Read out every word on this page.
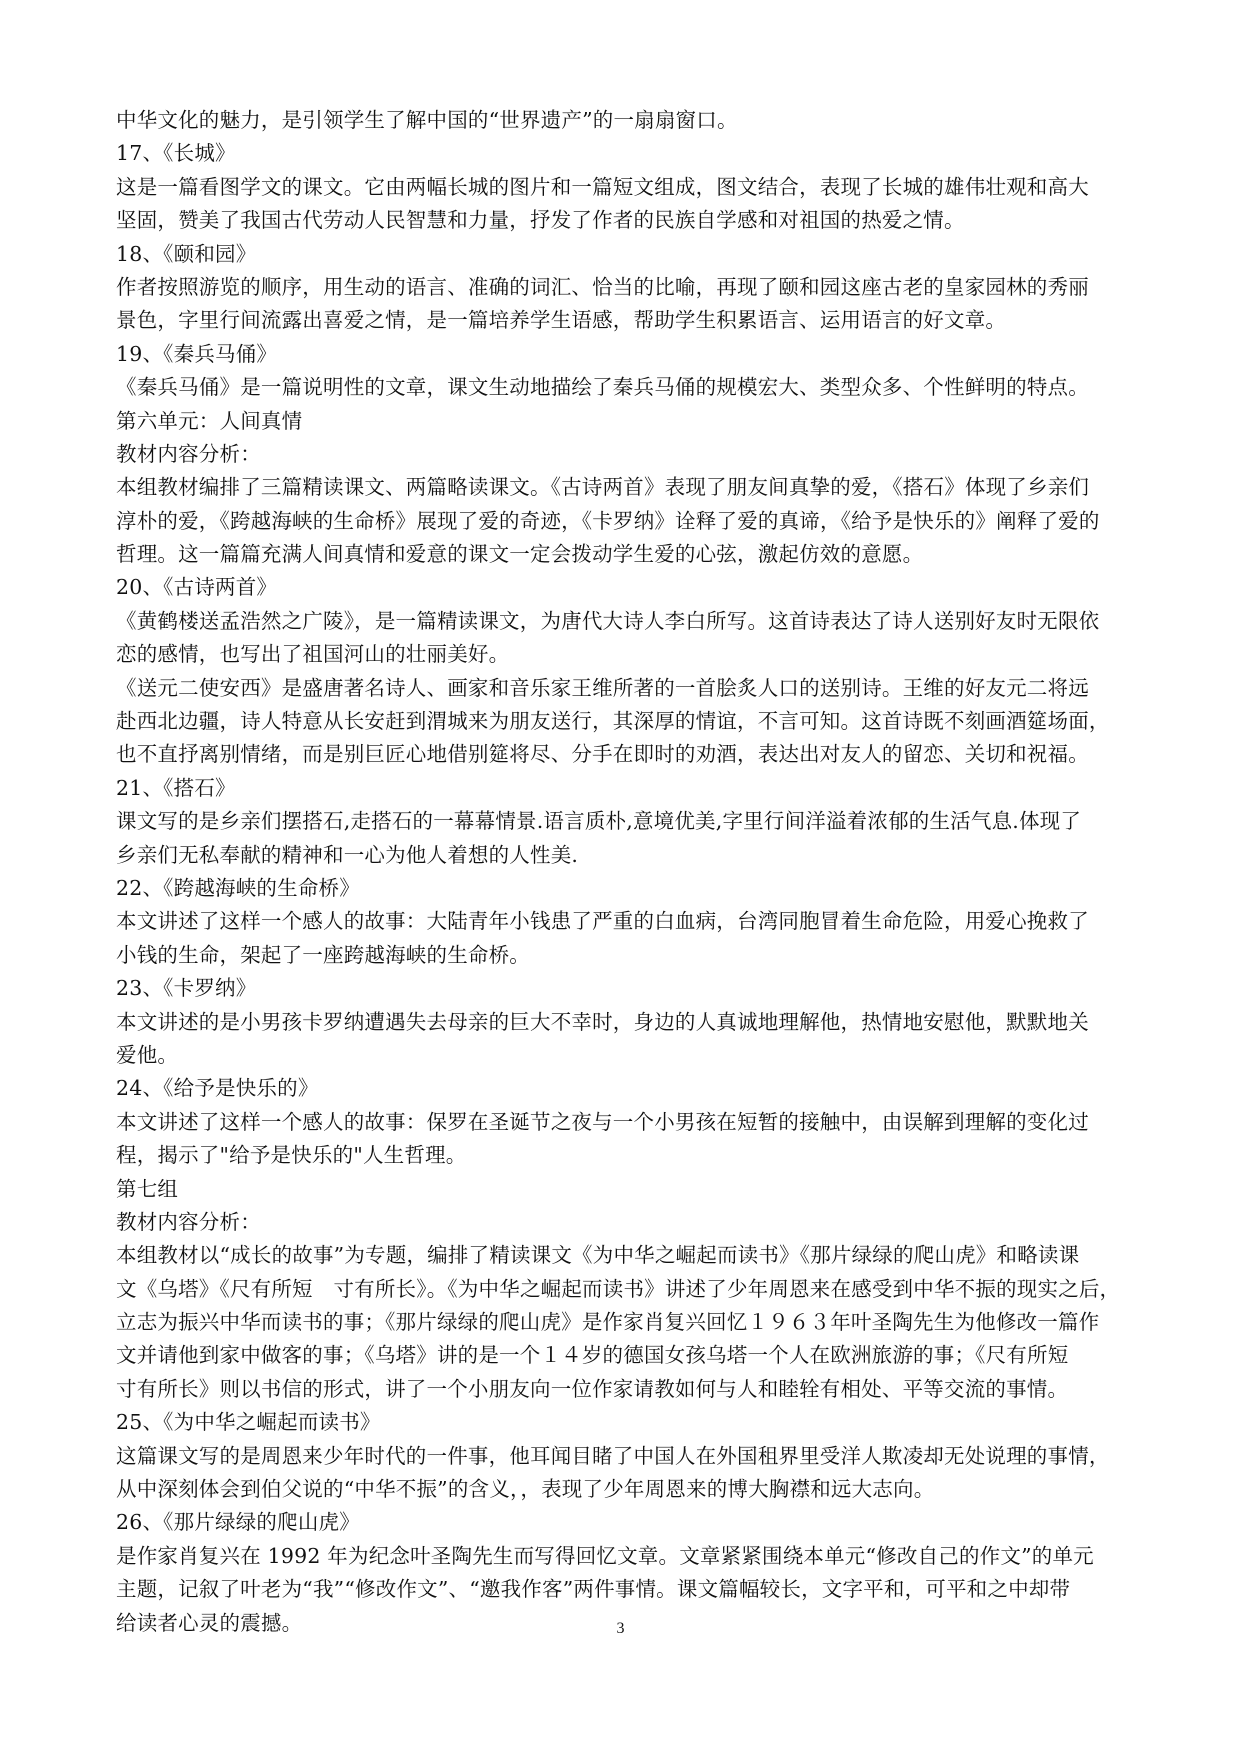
中华文化的魅力，是引领学生了解中国的“世界遗产”的一扇扇窗口。

17、《长城》

这是一篇看图学文的课文。它由两幅长城的图片和一篇短文组成，图文结合，表现了长城的雄伟壮观和高大

坚固，赞美了我国古代劳动人民智慧和力量，抒发了作者的民族自学感和对祖国的热爱之情。

18、《颐和园》

作者按照游览的顺序，用生动的语言、准确的词汇、恰当的比喻，再现了颐和园这座古老的皇家园林的秀丽

景色，字里行间流露出喜爱之情，是一篇培养学生语感，帮助学生积累语言、运用语言的好文章。

19、《秦兵马俑》

《秦兵马俑》是一篇说明性的文章，课文生动地描绘了秦兵马俑的规模宏大、类型众多、个性鲜明的特点。

第六单元：人间真情

教材内容分析：

本组教材编排了三篇精读课文、两篇略读课文。《古诗两首》表现了朋友间真挚的爱，《搭石》体现了乡亲们

淳朴的爱，《跨越海峡的生命桥》展现了爱的奇迹，《卡罗纳》诠释了爱的真谛，《给予是快乐的》阐释了爱的

哲理。这一篇篇充满人间真情和爱意的课文一定会拨动学生爱的心弦，激起仿效的意愿。

20、《古诗两首》

《黄鹤楼送孟浩然之广陵》，是一篇精读课文，为唐代大诗人李白所写。这首诗表达了诗人送别好友时无限依

恋的感情，也写出了祖国河山的壮丽美好。

《送元二使安西》是盛唐著名诗人、画家和音乐家王维所著的一首脍炙人口的送别诗。王维的好友元二将远

赴西北边疆，诗人特意从长安赶到渭城来为朋友送行，其深厚的情谊，不言可知。这首诗既不刻画酒筵场面，

也不直抒离别情绪，而是别巨匠心地借别筵将尽、分手在即时的劝酒，表达出对友人的留恋、关切和祝福。

21、《搭石》

课文写的是乡亲们摆搭石,走搭石的一幕幕情景.语言质朴,意境优美,字里行间洋溢着浓郁的生活气息.体现了

乡亲们无私奉献的精神和一心为他人着想的人性美.

22、《跨越海峡的生命桥》

本文讲述了这样一个感人的故事：大陆青年小钱患了严重的白血病，台湾同胞冒着生命危险，用爱心挽救了

小钱的生命，架起了一座跨越海峡的生命桥。

23、《卡罗纳》

本文讲述的是小男孩卡罗纳遭遇失去母亲的巨大不幸时，身边的人真诚地理解他，热情地安慰他，默默地关

爱他。

24、《给予是快乐的》

本文讲述了这样一个感人的故事：保罗在圣诞节之夜与一个小男孩在短暂的接触中，由误解到理解的变化过

程，揭示了"给予是快乐的"人生哲理。

第七组

教材内容分析：

本组教材以“成长的故事”为专题，编排了精读课文《为中华之崛起而读书》《那片绿绿的爬山虎》和略读课

文《乌塔》《尺有所短　寸有所长》。《为中华之崛起而读书》讲述了少年周恩来在感受到中华不振的现实之后，

立志为振兴中华而读书的事；《那片绿绿的爬山虎》是作家肖复兴回忆１９６３年叶圣陶先生为他修改一篇作

文并请他到家中做客的事；《乌塔》讲的是一个１４岁的德国女孩乌塔一个人在欧洲旅游的事；《尺有所短

寸有所长》则以书信的形式，讲了一个小朋友向一位作家请教如何与人和睦辁有相处、平等交流的事情。

25、《为中华之崛起而读书》

这篇课文写的是周恩来少年时代的一件事，他耳闻目睹了中国人在外国租界里受洋人欺凌却无处说理的事情，

从中深刻体会到伯父说的“中华不振”的含义，，表现了少年周恩来的博大胸襟和远大志向。

26、《那片绿绿的爬山虎》

是作家肖复兴在 1992 年为纪念叶圣陶先生而写得回忆文章。文章紧紧围绕本单元“修改自己的作文”的单元

主题，记叙了叶老为“我”“修改作文”、“邀我作客”两件事情。课文篇幅较长，文字平和，可平和之中却带

给读者心灵的震撼。	3
